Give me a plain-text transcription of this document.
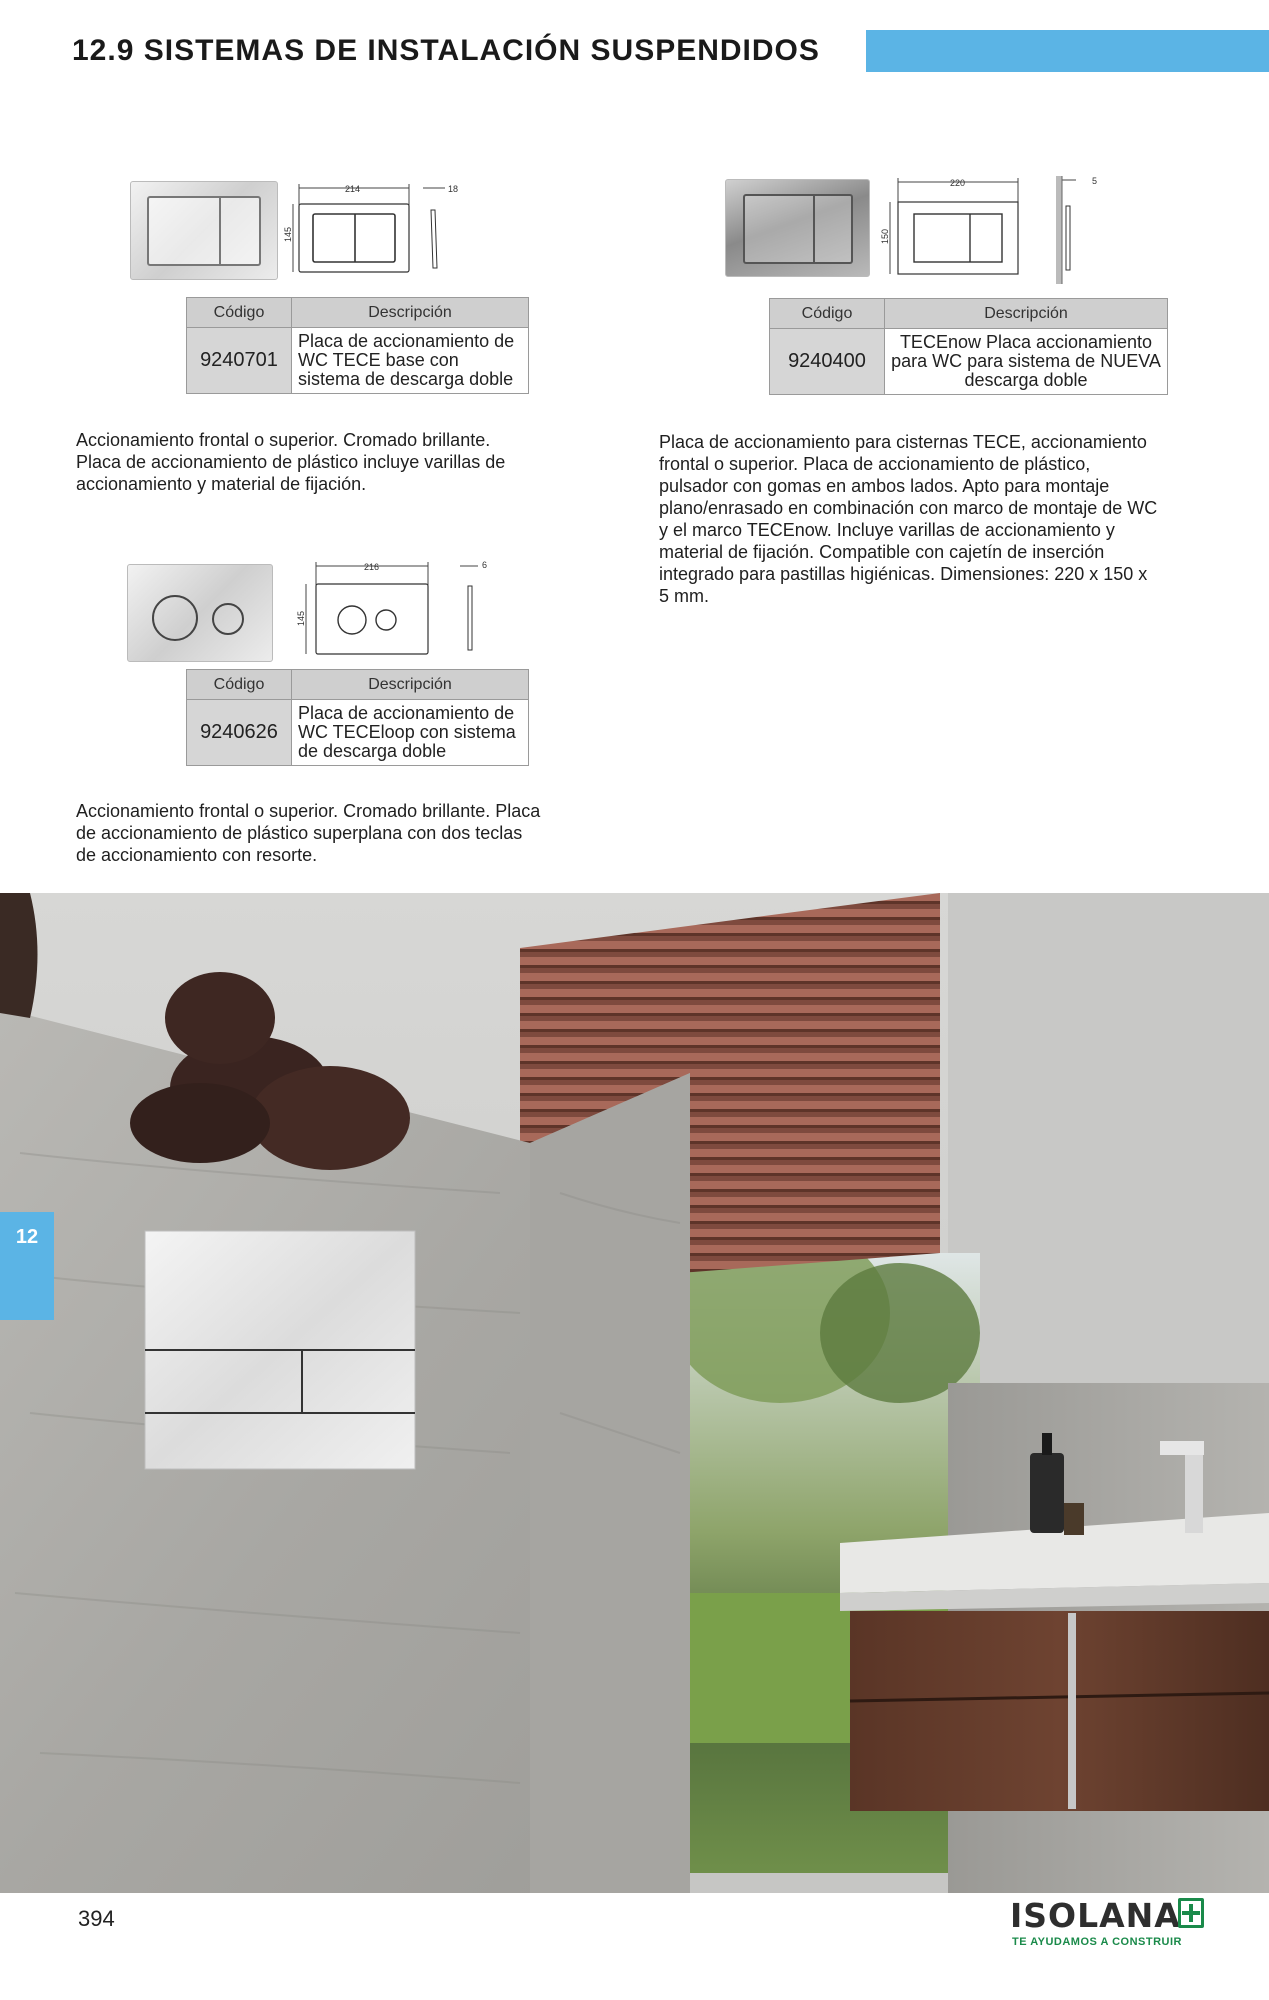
12.9 SISTEMAS DE INSTALACIÓN SUSPENDIDOS
214
145
18
Código	Descripción
9240701	Placa de accionamiento de WC TECE base con sistema de descarga doble
Accionamiento frontal o superior. Cromado brillante. Placa de accionamiento de plástico incluye varillas de accionamiento y material de fijación.
220
150
5
Código	Descripción
9240400	TECEnow Placa accionamiento para WC para sistema de NUEVA descarga doble
Placa de accionamiento para cisternas TECE, accionamiento frontal o superior. Placa de accionamiento de plástico, pulsador con gomas en ambos lados. Apto para montaje plano/enrasado en combinación con marco de montaje de WC y el marco TECEnow. Incluye varillas de accionamiento y material de fijación. Compatible con cajetín de inserción integrado para pastillas higiénicas. Dimensiones: 220 x 150 x 5 mm.
216
145
6
Código	Descripción
9240626	Placa de accionamiento de WC TECEloop con sistema de descarga doble
Accionamiento frontal o superior. Cromado brillante. Placa de accionamiento de plástico superplana con dos teclas de accionamiento con resorte.
12
394	ISOLANA
TE AYUDAMOS A CONSTRUIR
